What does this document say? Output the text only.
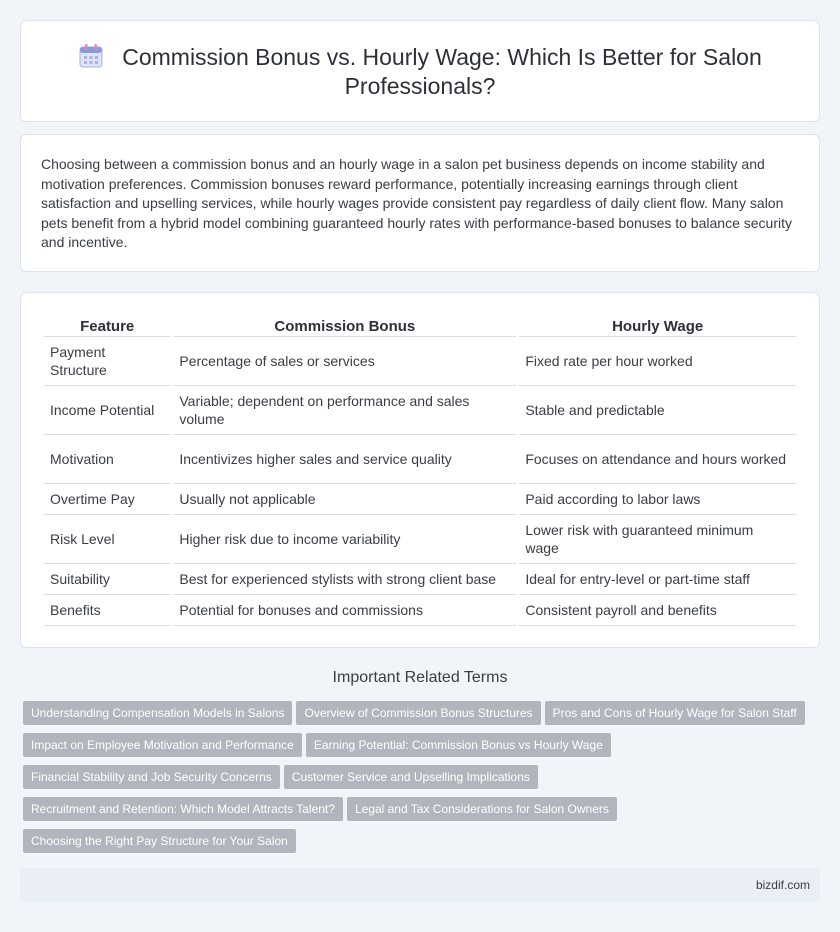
Commission Bonus vs. Hourly Wage: Which Is Better for Salon Professionals?

Choosing between a commission bonus and an hourly wage in a salon pet business depends on income stability and motivation preferences. Commission bonuses reward performance, potentially increasing earnings through client satisfaction and upselling services, while hourly wages provide consistent pay regardless of daily client flow. Many salon pets benefit from a hybrid model combining guaranteed hourly rates with performance-based bonuses to balance security and incentive.

Feature	Commission Bonus	Hourly Wage
Payment Structure	Percentage of sales or services	Fixed rate per hour worked
Income Potential	Variable; dependent on performance and sales volume	Stable and predictable
Motivation	Incentivizes higher sales and service quality	Focuses on attendance and hours worked
Overtime Pay	Usually not applicable	Paid according to labor laws
Risk Level	Higher risk due to income variability	Lower risk with guaranteed minimum wage
Suitability	Best for experienced stylists with strong client base	Ideal for entry-level or part-time staff
Benefits	Potential for bonuses and commissions	Consistent payroll and benefits
Important Related Terms
Understanding Compensation Models in Salons Overview of Commission Bonus Structures Pros and Cons of Hourly Wage for Salon Staff
Impact on Employee Motivation and Performance Earning Potential: Commission Bonus vs Hourly Wage
Financial Stability and Job Security Concerns Customer Service and Upselling Implications
Recruitment and Retention: Which Model Attracts Talent? Legal and Tax Considerations for Salon Owners
Choosing the Right Pay Structure for Your Salon
bizdif.com
